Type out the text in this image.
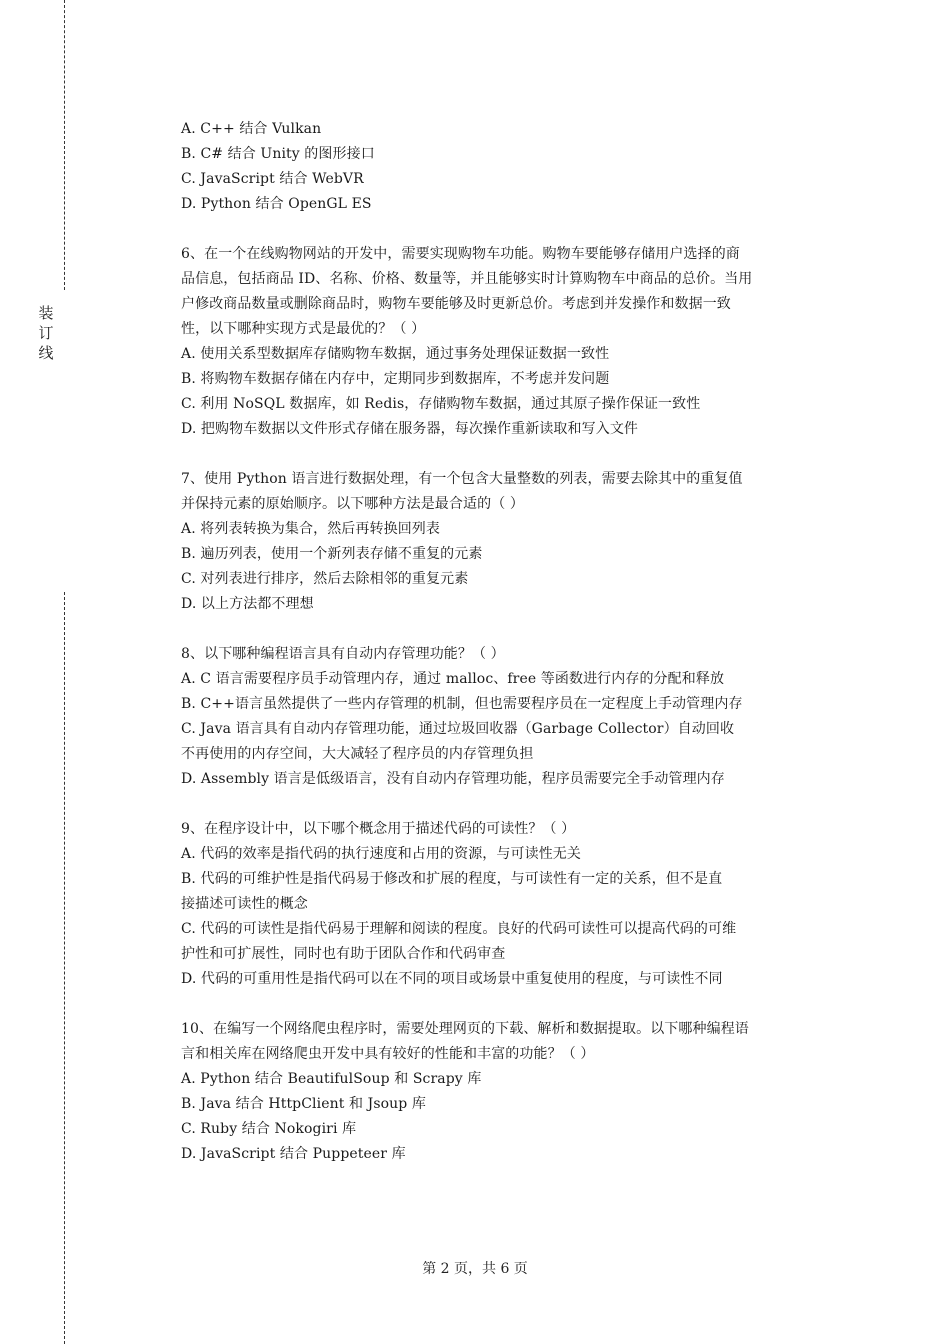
装
订
线
A. C++ 结合 Vulkan
B. C# 结合 Unity 的图形接口
C. JavaScript 结合 WebVR
D. Python 结合 OpenGL ES
6、在一个在线购物网站的开发中，需要实现购物车功能。购物车要能够存储用户选择的商
品信息，包括商品 ID、名称、价格、数量等，并且能够实时计算购物车中商品的总价。当用
户修改商品数量或删除商品时，购物车要能够及时更新总价。考虑到并发操作和数据一致
性，以下哪种实现方式是最优的？（ ）
A. 使用关系型数据库存储购物车数据，通过事务处理保证数据一致性
B. 将购物车数据存储在内存中，定期同步到数据库，不考虑并发问题
C. 利用 NoSQL 数据库，如 Redis，存储购物车数据，通过其原子操作保证一致性
D. 把购物车数据以文件形式存储在服务器，每次操作重新读取和写入文件
7、使用 Python 语言进行数据处理，有一个包含大量整数的列表，需要去除其中的重复值
并保持元素的原始顺序。以下哪种方法是最合适的（ ）
A. 将列表转换为集合，然后再转换回列表
B. 遍历列表，使用一个新列表存储不重复的元素
C. 对列表进行排序，然后去除相邻的重复元素
D. 以上方法都不理想
8、以下哪种编程语言具有自动内存管理功能？（ ）
A. C 语言需要程序员手动管理内存，通过 malloc、free 等函数进行内存的分配和释放
B. C++语言虽然提供了一些内存管理的机制，但也需要程序员在一定程度上手动管理内存
C. Java 语言具有自动内存管理功能，通过垃圾回收器（Garbage Collector）自动回收
不再使用的内存空间，大大减轻了程序员的内存管理负担
D. Assembly 语言是低级语言，没有自动内存管理功能，程序员需要完全手动管理内存
9、在程序设计中，以下哪个概念用于描述代码的可读性？（ ）
A. 代码的效率是指代码的执行速度和占用的资源，与可读性无关
B. 代码的可维护性是指代码易于修改和扩展的程度，与可读性有一定的关系，但不是直
接描述可读性的概念
C. 代码的可读性是指代码易于理解和阅读的程度。良好的代码可读性可以提高代码的可维
护性和可扩展性，同时也有助于团队合作和代码审查
D. 代码的可重用性是指代码可以在不同的项目或场景中重复使用的程度，与可读性不同
10、在编写一个网络爬虫程序时，需要处理网页的下载、解析和数据提取。以下哪种编程语
言和相关库在网络爬虫开发中具有较好的性能和丰富的功能？（ ）
A. Python 结合 BeautifulSoup 和 Scrapy 库
B. Java 结合 HttpClient 和 Jsoup 库
C. Ruby 结合 Nokogiri 库
D. JavaScript 结合 Puppeteer 库
第 2 页，共 6 页
